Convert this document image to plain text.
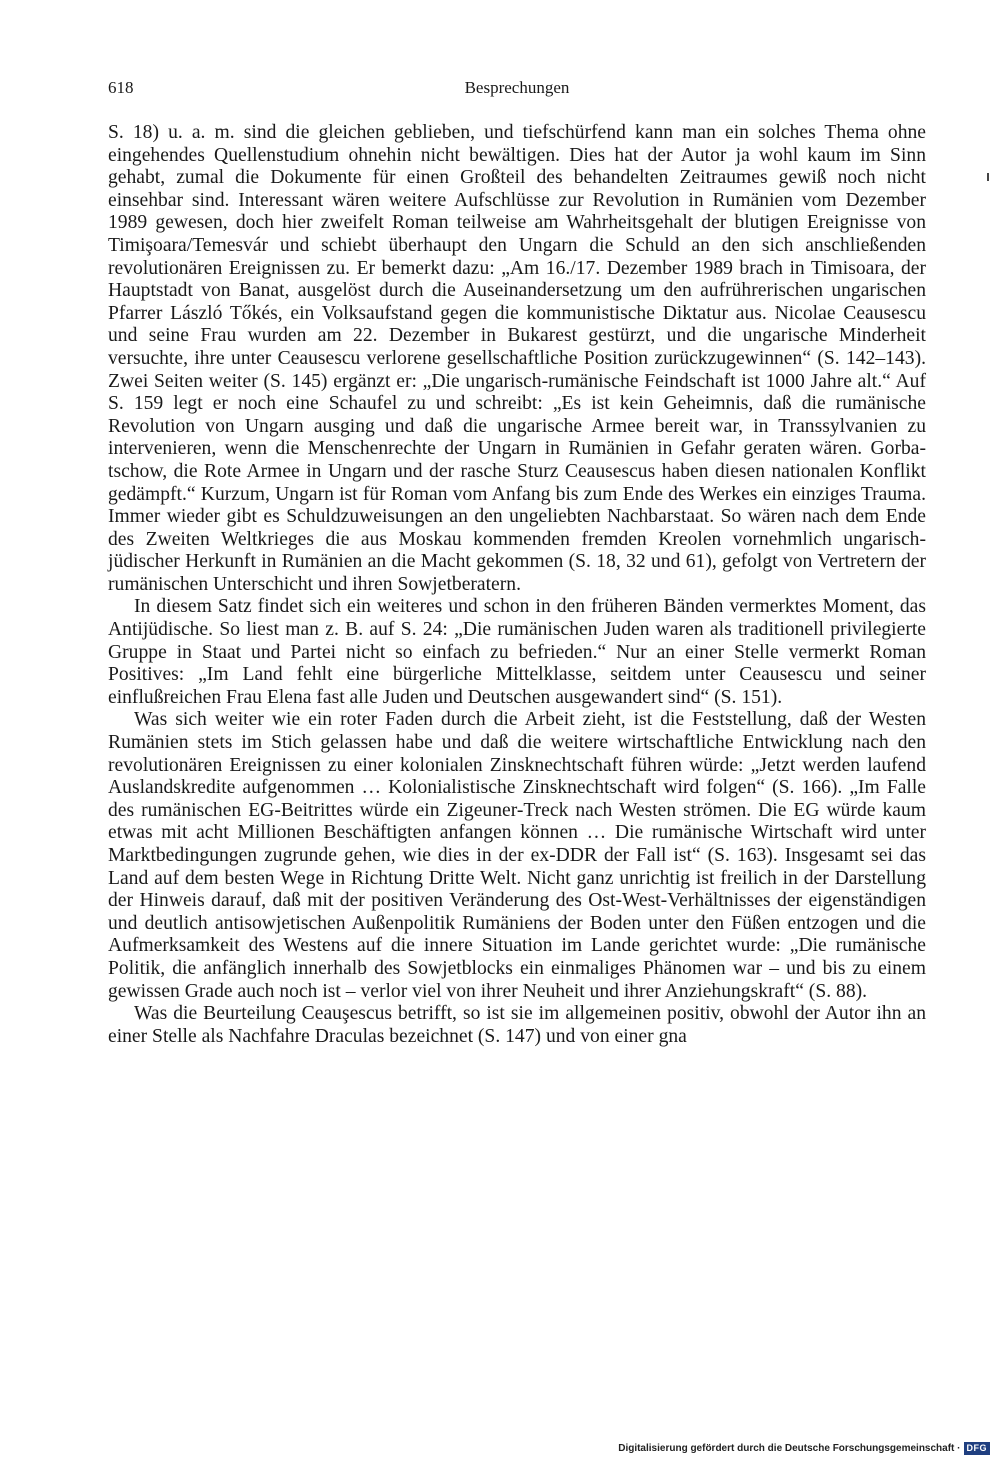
618	Besprechungen

S. 18) u. a. m. sind die gleichen geblieben, und tiefschürfend kann man ein solches Thema ohne eingehendes Quellenstudium ohnehin nicht bewältigen. Dies hat der Autor ja wohl kaum im Sinn gehabt, zumal die Dokumente für einen Großteil des behandelten Zeitraumes gewiß noch nicht einsehbar sind. Interessant wären weitere Aufschlüsse zur Revolution in Rumänien vom Dezember 1989 gewesen, doch hier zweifelt Roman teilweise am Wahrheitsgehalt der blutigen Ereignisse von Timişoara/Temesvár und schiebt überhaupt den Ungarn die Schuld an den sich anschließenden revolutionären Ereignissen zu. Er bemerkt dazu: „Am 16./17. Dezember 1989 brach in Timisoara, der Hauptstadt von Banat, ausgelöst durch die Auseinandersetzung um den aufrührerischen ungarischen Pfarrer László Tőkés, ein Volksaufstand gegen die kommunistische Diktatur aus. Nicolae Ceausescu und seine Frau wurden am 22. Dezember in Bukarest gestürzt, und die ungarische Minderheit versuchte, ihre unter Ceausescu verlorene gesellschaftliche Position zurückzugewinnen“ (S. 142–143). Zwei Seiten weiter (S. 145) ergänzt er: „Die ungarisch-rumänische Feindschaft ist 1000 Jahre alt.“ Auf S. 159 legt er noch eine Schaufel zu und schreibt: „Es ist kein Geheimnis, daß die rumänische Revolution von Ungarn ausging und daß die ungarische Armee bereit war, in Transsylvanien zu intervenieren, wenn die Menschenrechte der Ungarn in Rumänien in Gefahr geraten wären. Gorbatschow, die Rote Armee in Ungarn und der rasche Sturz Ceausescus haben diesen nationalen Konflikt gedämpft.“ Kurzum, Ungarn ist für Roman vom Anfang bis zum Ende des Werkes ein einziges Trauma. Immer wieder gibt es Schuldzuweisungen an den ungeliebten Nachbarstaat. So wären nach dem Ende des Zweiten Weltkrieges die aus Moskau kommenden fremden Kreolen vornehmlich ungarisch-jüdischer Herkunft in Rumänien an die Macht gekommen (S. 18, 32 und 61), gefolgt von Vertretern der rumänischen Unterschicht und ihren Sowjetberatern.

In diesem Satz findet sich ein weiteres und schon in den früheren Bänden vermerktes Moment, das Antijüdische. So liest man z. B. auf S. 24: „Die rumänischen Juden waren als traditionell privilegierte Gruppe in Staat und Partei nicht so einfach zu befrieden.“ Nur an einer Stelle vermerkt Roman Positives: „Im Land fehlt eine bürgerliche Mittelklasse, seitdem unter Ceausescu und seiner einflußreichen Frau Elena fast alle Juden und Deutschen ausgewandert sind“ (S. 151).

Was sich weiter wie ein roter Faden durch die Arbeit zieht, ist die Feststellung, daß der Westen Rumänien stets im Stich gelassen habe und daß die weitere wirtschaftliche Entwicklung nach den revolutionären Ereignissen zu einer kolonialen Zinsknechtschaft führen würde: „Jetzt werden laufend Auslandskredite aufgenommen … Kolonialistische Zinsknechtschaft wird folgen“ (S. 166). „Im Falle des rumänischen EG-Beitrittes würde ein Zigeuner-Treck nach Westen strömen. Die EG würde kaum etwas mit acht Millionen Beschäftigten anfangen können … Die rumänische Wirtschaft wird unter Marktbedingungen zugrunde gehen, wie dies in der ex-DDR der Fall ist“ (S. 163). Insgesamt sei das Land auf dem besten Wege in Richtung Dritte Welt. Nicht ganz unrichtig ist freilich in der Darstellung der Hinweis darauf, daß mit der positiven Veränderung des Ost-West-Verhältnisses der eigenständigen und deutlich antisowjetischen Außenpolitik Rumäniens der Boden unter den Füßen entzogen und die Aufmerksamkeit des Westens auf die innere Situation im Lande gerichtet wurde: „Die rumänische Politik, die anfänglich innerhalb des Sowjetblocks ein einmaliges Phänomen war – und bis zu einem gewissen Grade auch noch ist – verlor viel von ihrer Neuheit und ihrer Anziehungskraft“ (S. 88).

Was die Beurteilung Ceauşescus betrifft, so ist sie im allgemeinen positiv, obwohl der Autor ihn an einer Stelle als Nachfahre Draculas bezeichnet (S. 147) und von einer gna

Digitalisierung gefördert durch die Deutsche Forschungsgemeinschaft · DFG
